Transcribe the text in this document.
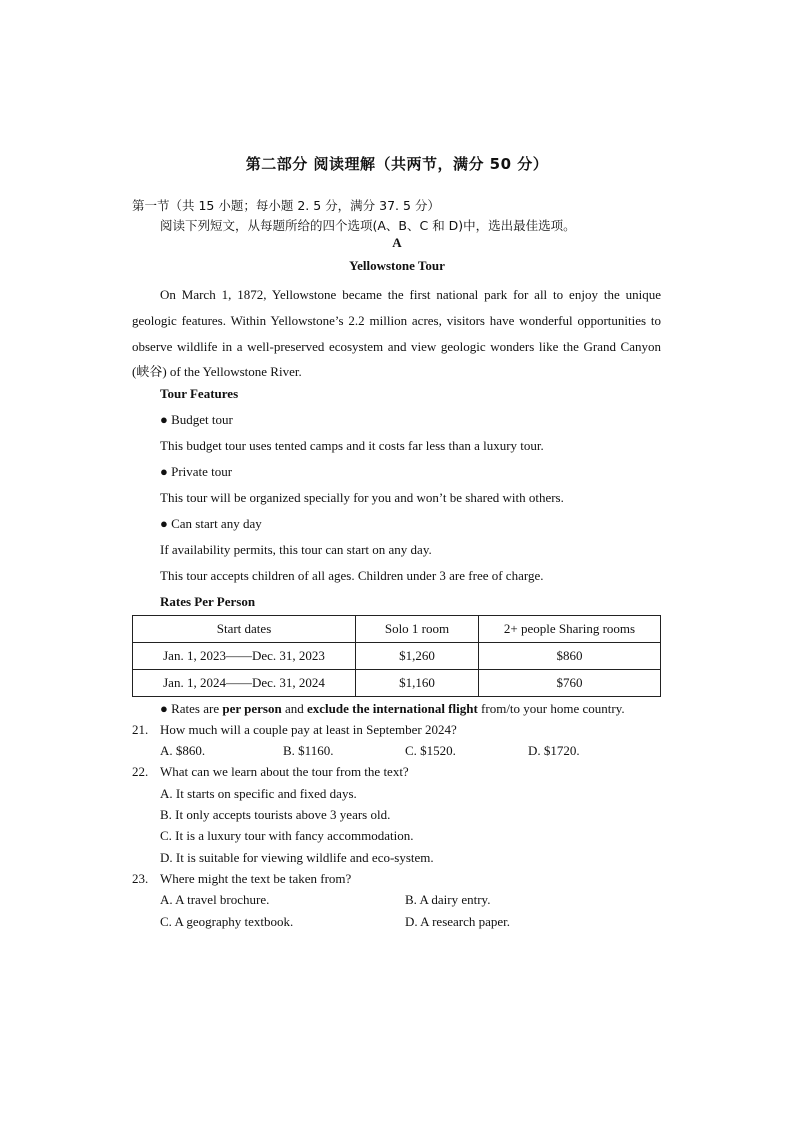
第二部分 阅读理解（共两节，满分 50 分）
第一节（共 15 小题；每小题 2. 5 分，满分 37. 5 分）
阅读下列短文，从每题所给的四个选项(A、B、C 和 D)中，选出最佳选项。
A
Yellowstone Tour
On March 1, 1872, Yellowstone became the first national park for all to enjoy the unique geologic features. Within Yellowstone’s 2.2 million acres, visitors have wonderful opportunities to observe wildlife in a well-preserved ecosystem and view geologic wonders like the Grand Canyon (峡谷) of the Yellowstone River.
Tour Features
● Budget tour
This budget tour uses tented camps and it costs far less than a luxury tour.
● Private tour
This tour will be organized specially for you and won’t be shared with others.
● Can start any day
If availability permits, this tour can start on any day.
This tour accepts children of all ages. Children under 3 are free of charge.
Rates Per Person
Start dates	Solo 1 room	2+ people Sharing rooms
Jan. 1, 2023——Dec. 31, 2023	$1,260	$860
Jan. 1, 2024——Dec. 31, 2024	$1,160	$760
● Rates are per person and exclude the international flight from/to your home country.
21. How much will a couple pay at least in September 2024?
A. $860.	B. $1160.	C. $1520.	D. $1720.
22. What can we learn about the tour from the text?
A. It starts on specific and fixed days.
B. It only accepts tourists above 3 years old.
C. It is a luxury tour with fancy accommodation.
D. It is suitable for viewing wildlife and eco-system.
23. Where might the text be taken from?
A. A travel brochure.	B. A dairy entry.
C. A geography textbook.	D. A research paper.
